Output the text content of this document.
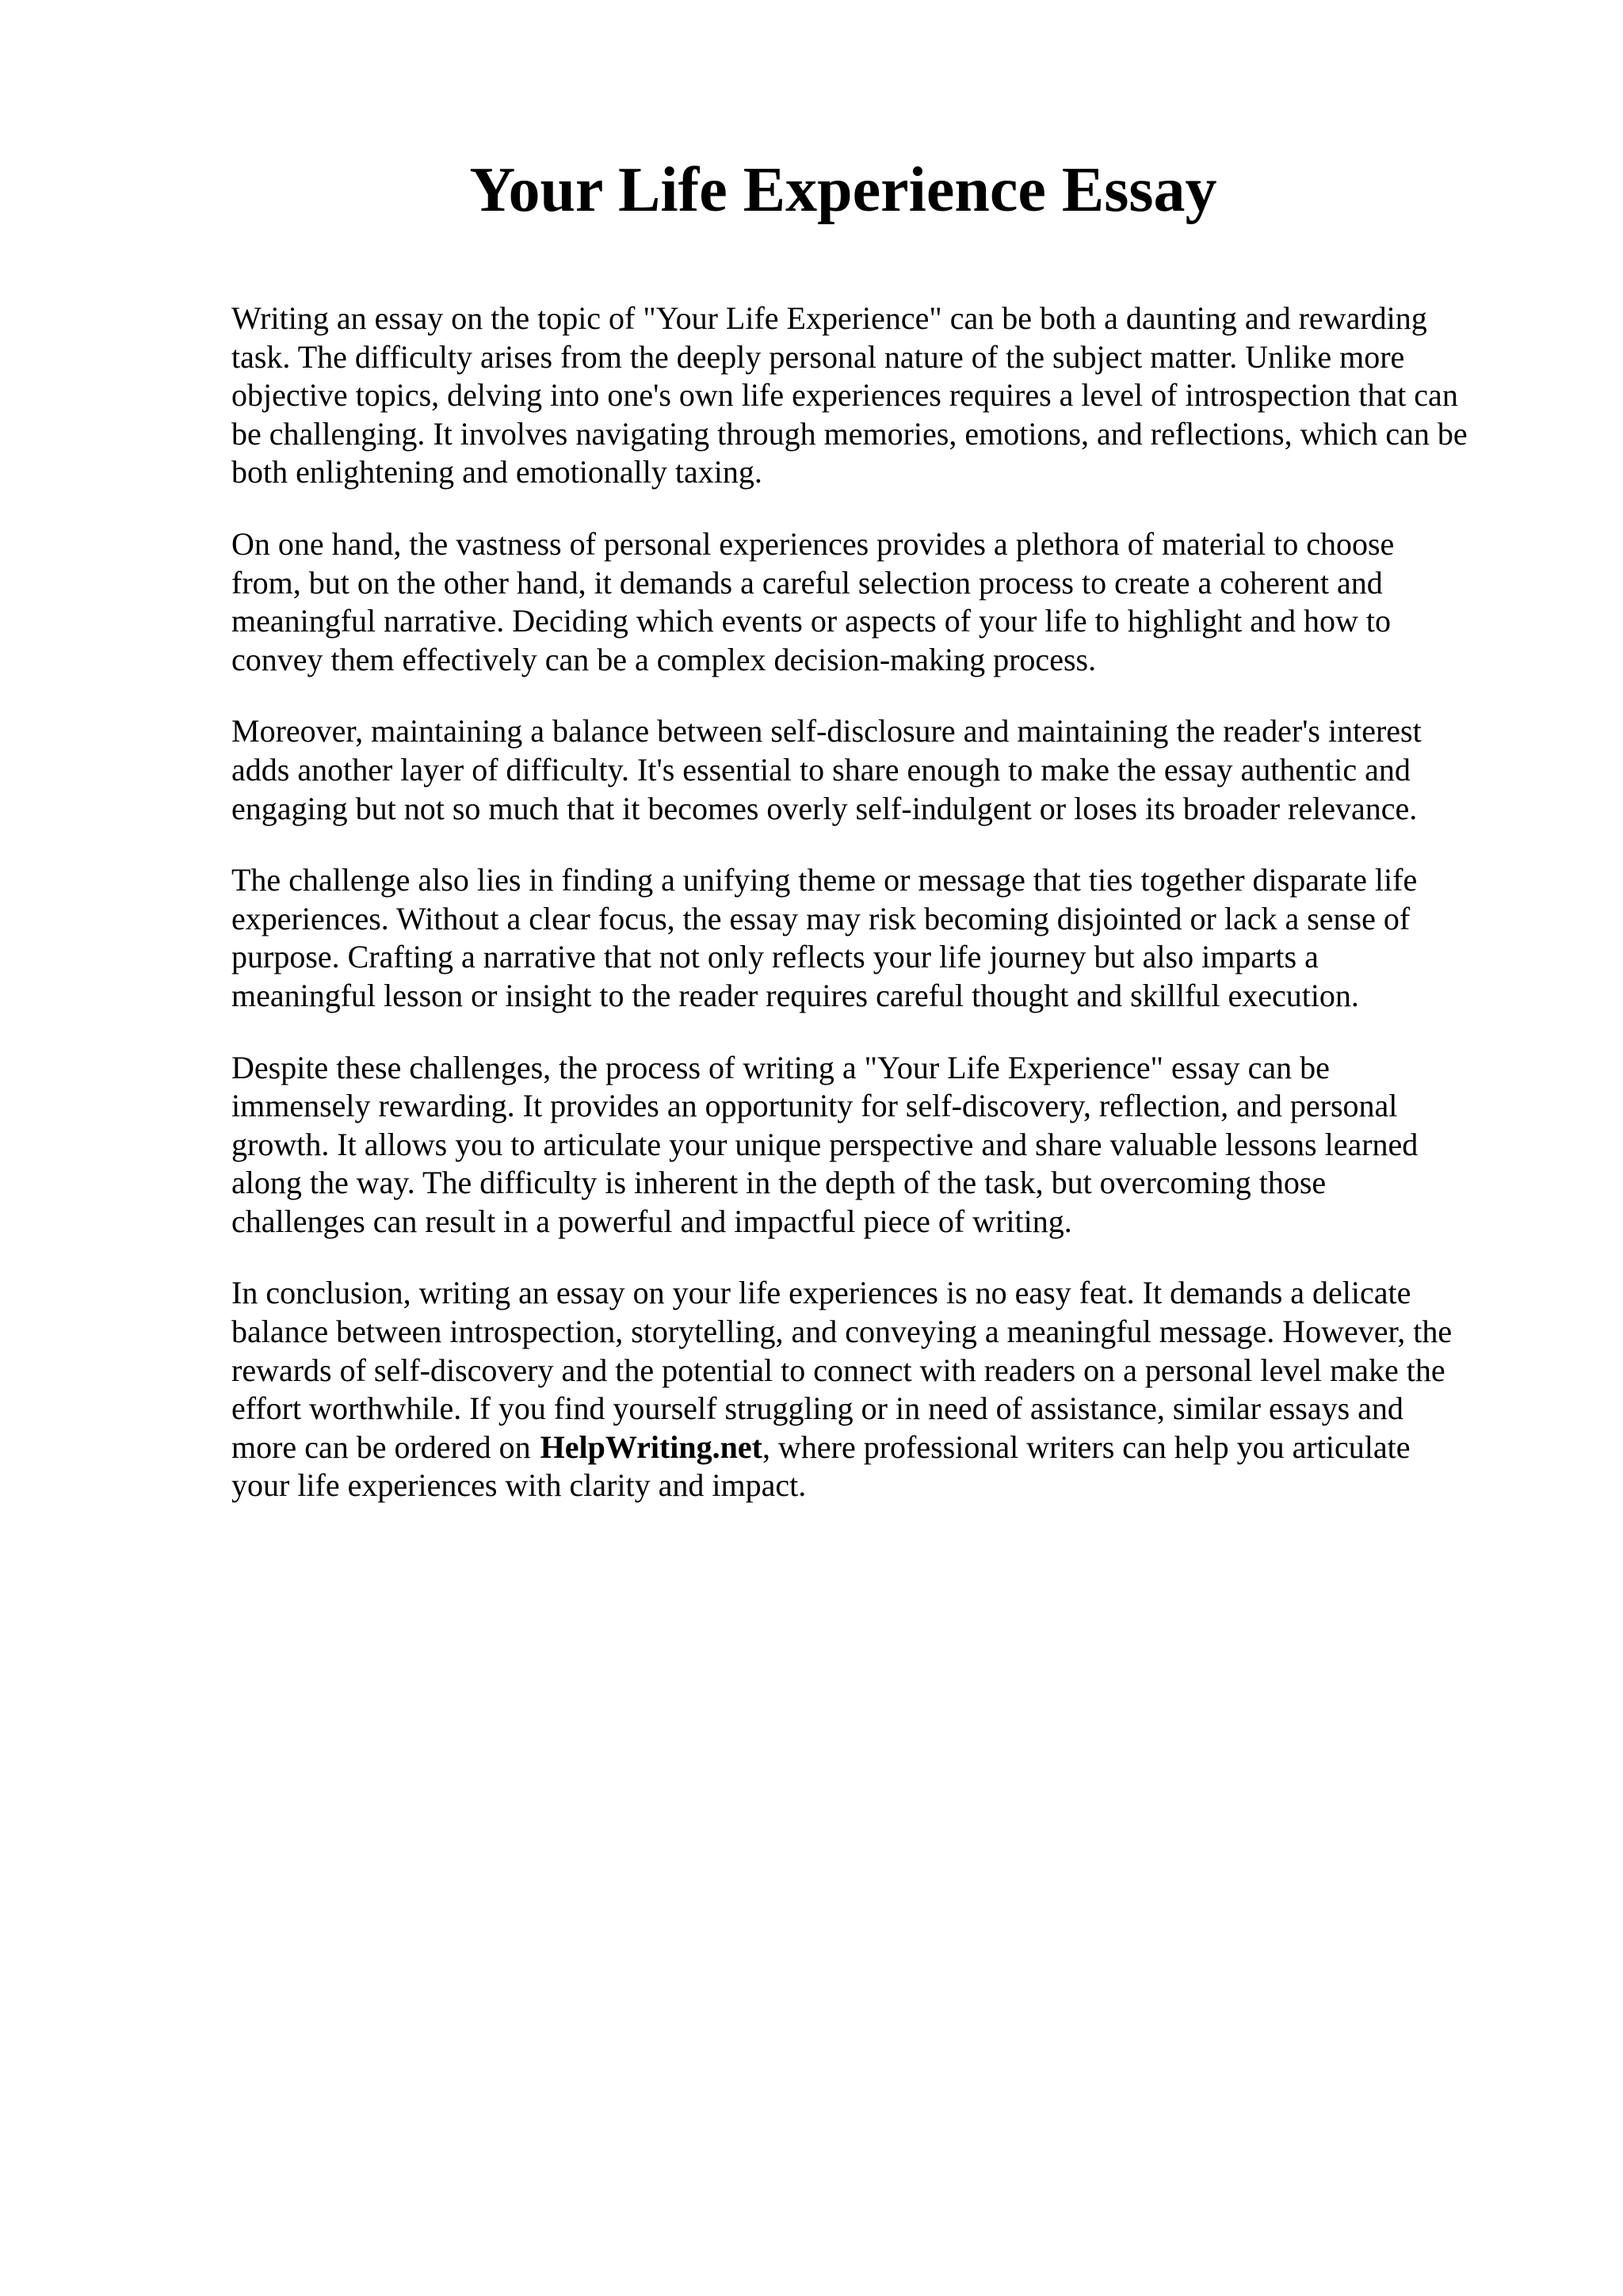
Your Life Experience Essay

Writing an essay on the topic of "Your Life Experience" can be both a daunting and rewarding
task. The difficulty arises from the deeply personal nature of the subject matter. Unlike more
objective topics, delving into one's own life experiences requires a level of introspection that can
be challenging. It involves navigating through memories, emotions, and reflections, which can be
both enlightening and emotionally taxing.

On one hand, the vastness of personal experiences provides a plethora of material to choose
from, but on the other hand, it demands a careful selection process to create a coherent and
meaningful narrative. Deciding which events or aspects of your life to highlight and how to
convey them effectively can be a complex decision-making process.

Moreover, maintaining a balance between self-disclosure and maintaining the reader's interest
adds another layer of difficulty. It's essential to share enough to make the essay authentic and
engaging but not so much that it becomes overly self-indulgent or loses its broader relevance.

The challenge also lies in finding a unifying theme or message that ties together disparate life
experiences. Without a clear focus, the essay may risk becoming disjointed or lack a sense of
purpose. Crafting a narrative that not only reflects your life journey but also imparts a
meaningful lesson or insight to the reader requires careful thought and skillful execution.

Despite these challenges, the process of writing a "Your Life Experience" essay can be
immensely rewarding. It provides an opportunity for self-discovery, reflection, and personal
growth. It allows you to articulate your unique perspective and share valuable lessons learned
along the way. The difficulty is inherent in the depth of the task, but overcoming those
challenges can result in a powerful and impactful piece of writing.

In conclusion, writing an essay on your life experiences is no easy feat. It demands a delicate
balance between introspection, storytelling, and conveying a meaningful message. However, the
rewards of self-discovery and the potential to connect with readers on a personal level make the
effort worthwhile. If you find yourself struggling or in need of assistance, similar essays and
more can be ordered on HelpWriting.net, where professional writers can help you articulate
your life experiences with clarity and impact.
